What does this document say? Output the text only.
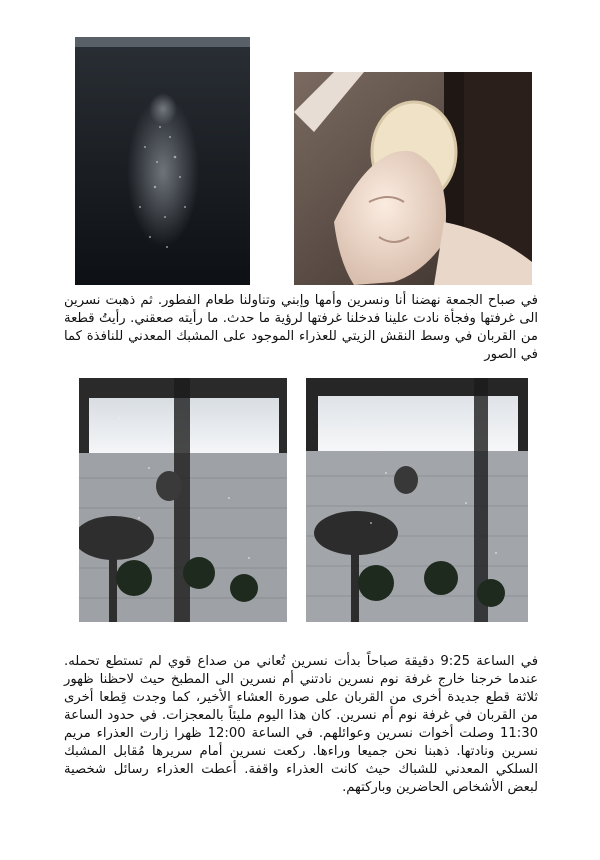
في صباح الجمعة نهضنا أنا ونسرين وأمها وإبني وتناولنا طعام الفطور. ثم ذهبت نسرين الى غرفتها وفجأة نادت علينا فدخلنا غرفتها لرؤية ما حدث. ما رأيته صعقني. رأيتُ قطعة من القربان في وسط النقش الزيتي للعذراء الموجود على المشبك المعدني للنافذة كما في الصور

في الساعة 9:25 دقيقة صباحاً بدأت نسرين تُعاني من صداع قوي لم تستطع تحمله. عندما خرجنا خارج غرفة نوم نسرين نادتني أم نسرين الى المطبخ حيث لاحظنا ظهور ثلاثة قطع جديدة أخرى من القربان على صورة العشاء الأخير، كما وجدت قِطعا أخرى من القربان في غرفة نوم أم نسرين. كان هذا اليوم مليئاً بالمعجزات. في حدود الساعة 11:30 وصلت أخوات نسرين وعوائلهم. في الساعة 12:00 ظهرا زارت العذراء مريم نسرين ونادتها. ذهبنا نحن جميعا وراءها. ركعت نسرين أمام سريرها مُقابل المشبك السلكي المعدني للشباك حيث كانت العذراء واقفة. أعطت العذراء رسائل شخصية لبعض الأشخاص الحاضرين وباركتهم.
